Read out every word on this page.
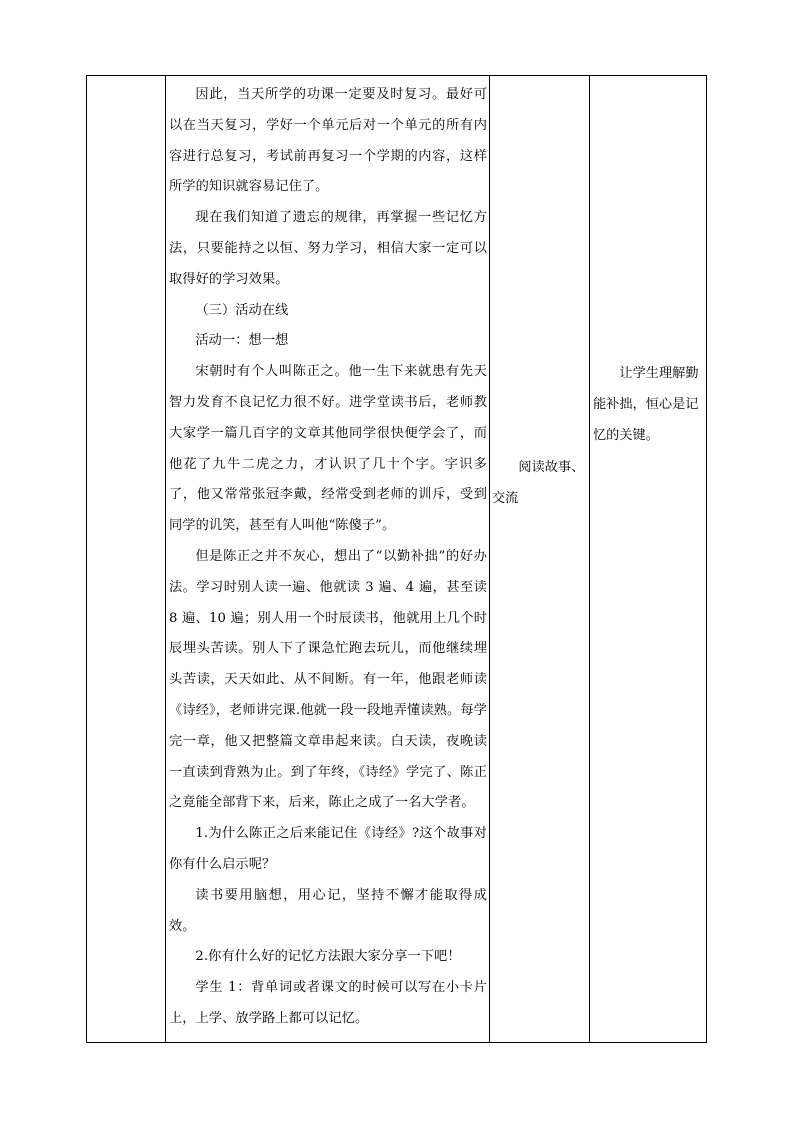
因此，当天所学的功课一定要及时复习。最好可以在当天复习，学好一个单元后对一个单元的所有内容进行总复习，考试前再复习一个学期的内容，这样所学的知识就容易记住了。

现在我们知道了遗忘的规律，再掌握一些记忆方法，只要能持之以恒、努力学习，相信大家一定可以取得好的学习效果。

（三）活动在线

活动一：想一想

宋朝时有个人叫陈正之。他一生下来就患有先天智力发育不良记忆力很不好。进学堂读书后，老师教大家学一篇几百字的文章其他同学很快便学会了，而他花了九牛二虎之力，才认识了几十个字。字识多了，他又常常张冠李戴，经常受到老师的训斥，受到同学的讥笑，甚至有人叫他“陈傻子”。

但是陈正之并不灰心，想出了“以勤补拙”的好办法。学习时别人读一遍、他就读 3 遍、4 遍，甚至读 8 遍、10 遍；别人用一个时辰读书，他就用上几个时辰埋头苦读。别人下了课急忙跑去玩儿，而他继续埋头苦读，天天如此、从不间断。有一年，他跟老师读《诗经》，老师讲完课.他就一段一段地弄懂读熟。每学完一章，他又把整篇文章串起来读。白天读，夜晚读一直读到背熟为止。到了年终，《诗经》学完了、陈正之竟能全部背下来，后来，陈止之成了一名大学者。

1.为什么陈正之后来能记住《诗经》?这个故事对你有什么启示呢？

读书要用脑想，用心记，坚持不懈才能取得成效。

2.你有什么好的记忆方法跟大家分享一下吧！

学生 1：背单词或者课文的时候可以写在小卡片上，上学、放学路上都可以记忆。

阅读故事、交流

让学生理解勤能补拙，恒心是记忆的关键。
